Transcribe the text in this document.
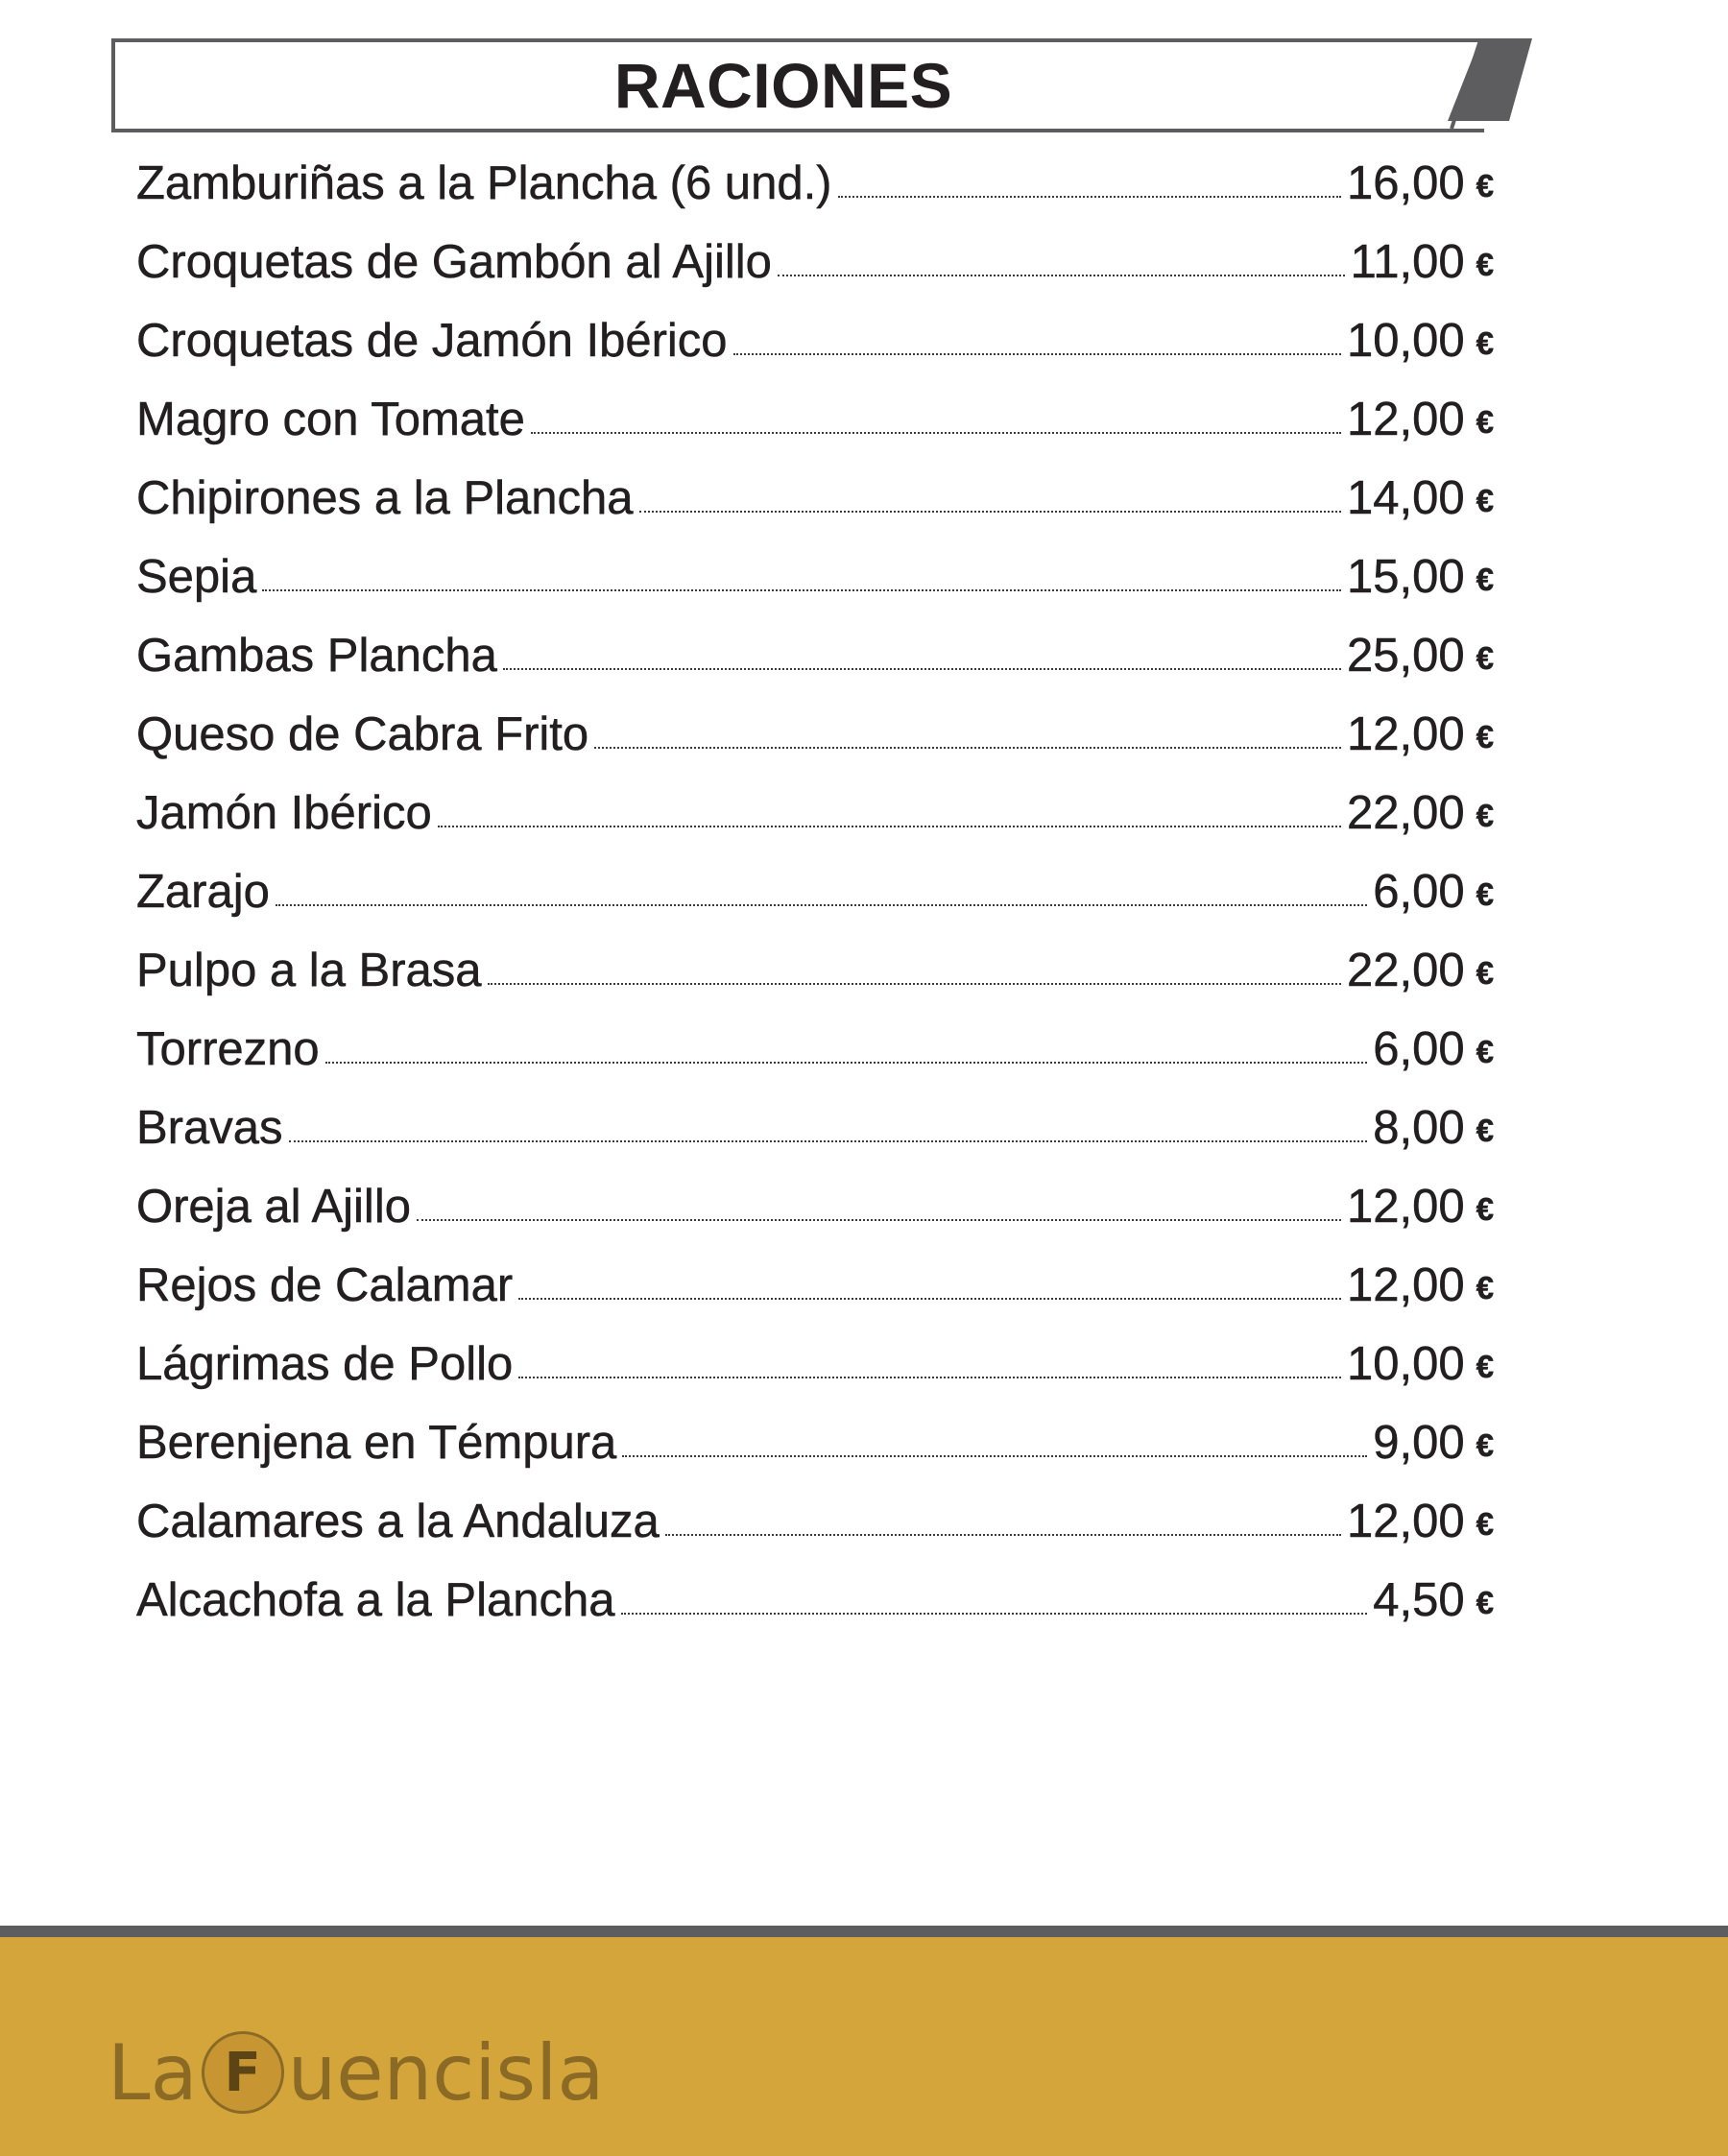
RACIONES
Zamburiñas a la Plancha (6 und.)	16,00 €
Croquetas de Gambón al Ajillo	11,00 €
Croquetas de Jamón Ibérico	10,00 €
Magro con Tomate	12,00 €
Chipirones a la Plancha	14,00 €
Sepia	15,00 €
Gambas Plancha	25,00 €
Queso de Cabra Frito	12,00 €
Jamón Ibérico	22,00 €
Zarajo	6,00 €
Pulpo a la Brasa	22,00 €
Torrezno	6,00 €
Bravas	8,00 €
Oreja al Ajillo	12,00 €
Rejos de Calamar	12,00 €
Lágrimas de Pollo	10,00 €
Berenjena en Témpura	9,00 €
Calamares a la Andaluza	12,00 €
Alcachofa a la Plancha	4,50 €
La F uencisla
